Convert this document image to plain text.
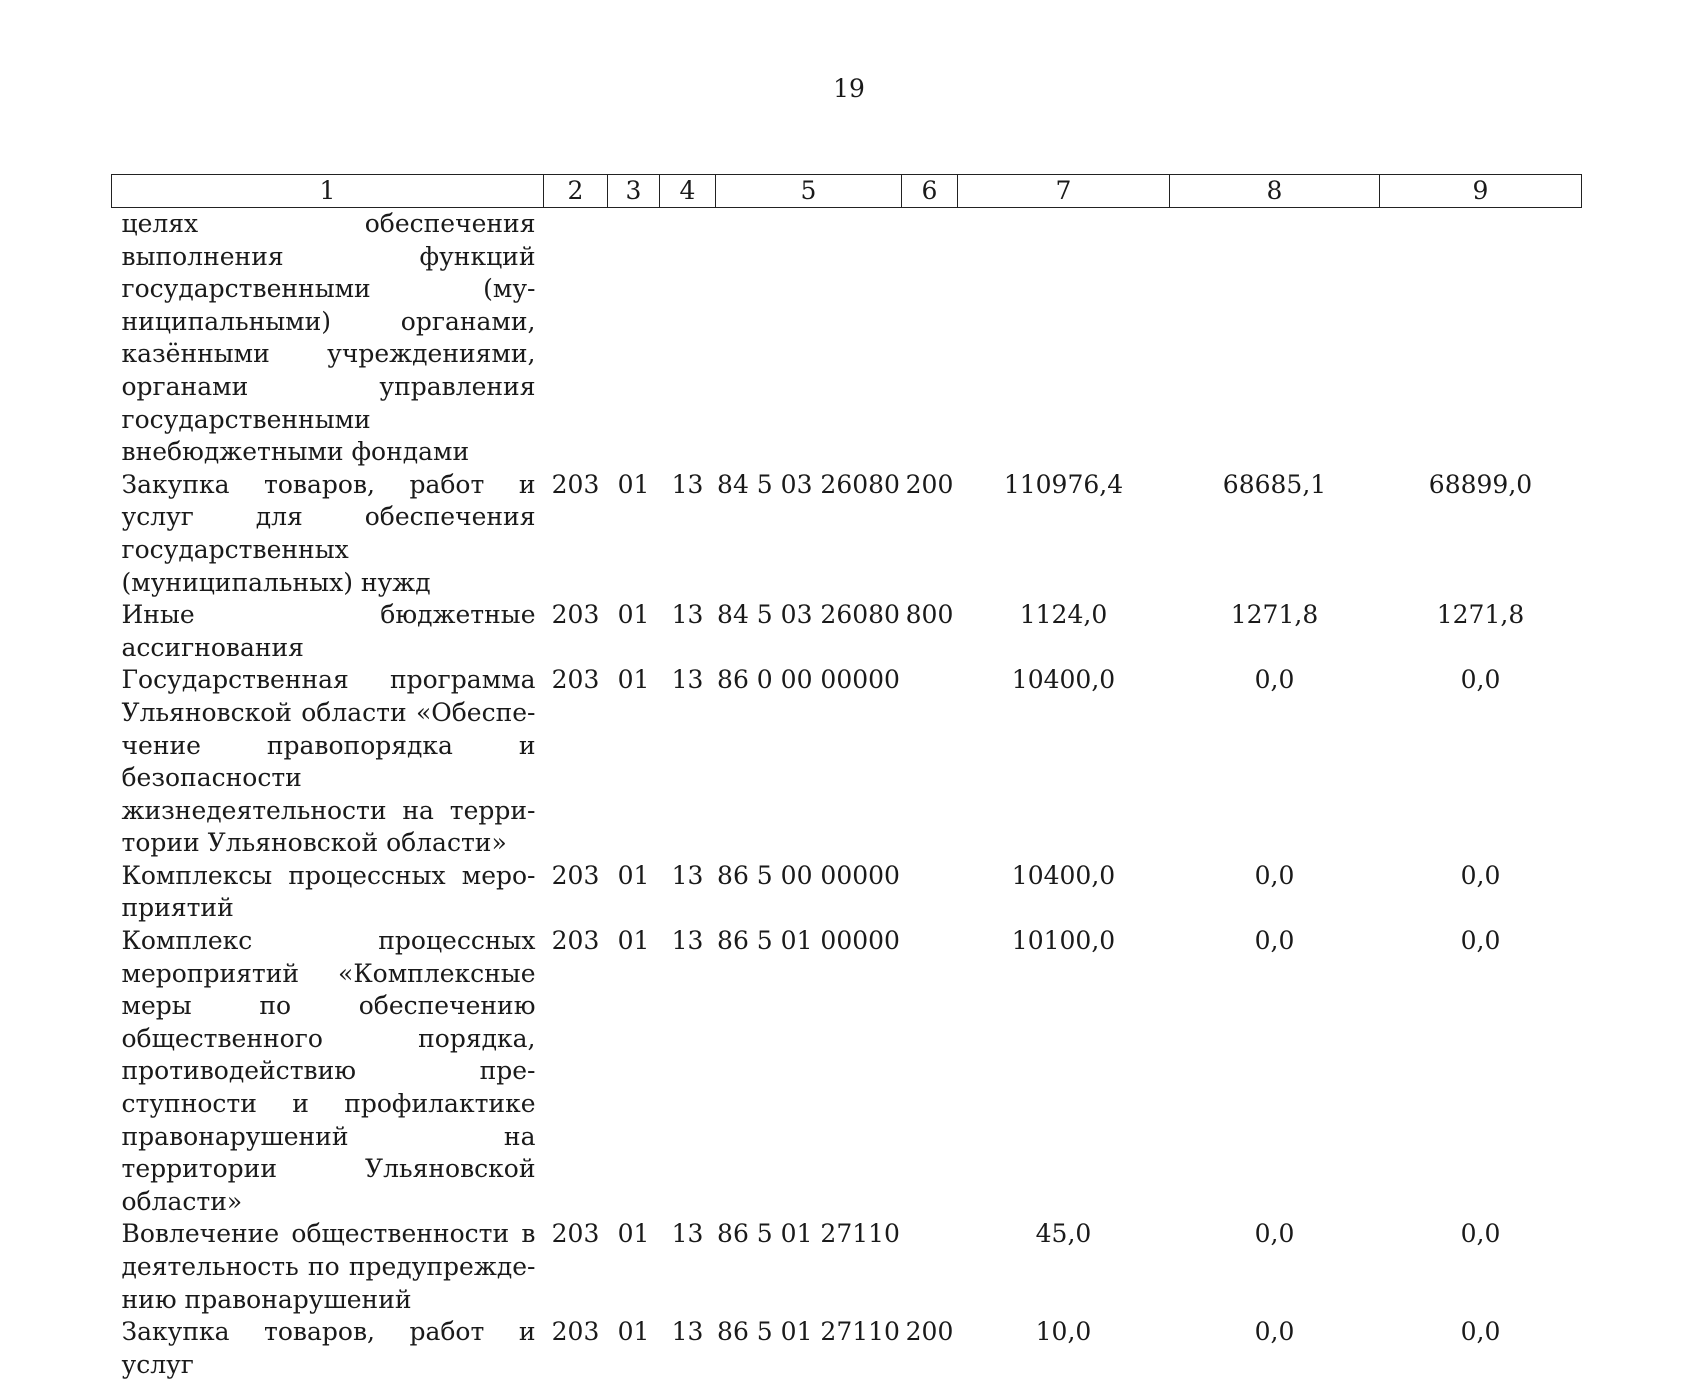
19
1	2	3	4	5	6	7	8	9
целях обеспечения выполнения функций государственными (муниципальными) органами, казёнными учреждениями, органами управления государственными внебюджетными фондами								
Закупка товаров, работ и услуг для обеспечения государственных (муниципальных) нужд	203	01	13	84 5 03 26080	200	110976,4	68685,1	68899,0
Иные бюджетные ассигнования	203	01	13	84 5 03 26080	800	1124,0	1271,8	1271,8
Государственная программа Ульяновской области «Обеспечение правопорядка и безопасности жизнедеятельности на территории Ульяновской области»	203	01	13	86 0 00 00000		10400,0	0,0	0,0
Комплексы процессных мероприятий	203	01	13	86 5 00 00000		10400,0	0,0	0,0
Комплекс процессных мероприятий «Комплексные меры по обеспечению общественного порядка, противодействию преступности и профилактике правонарушений на территории Ульяновской области»	203	01	13	86 5 01 00000		10100,0	0,0	0,0
Вовлечение общественности в деятельность по предупреждению правонарушений	203	01	13	86 5 01 27110		45,0	0,0	0,0
Закупка товаров, работ и услуг	203	01	13	86 5 01 27110	200	10,0	0,0	0,0
